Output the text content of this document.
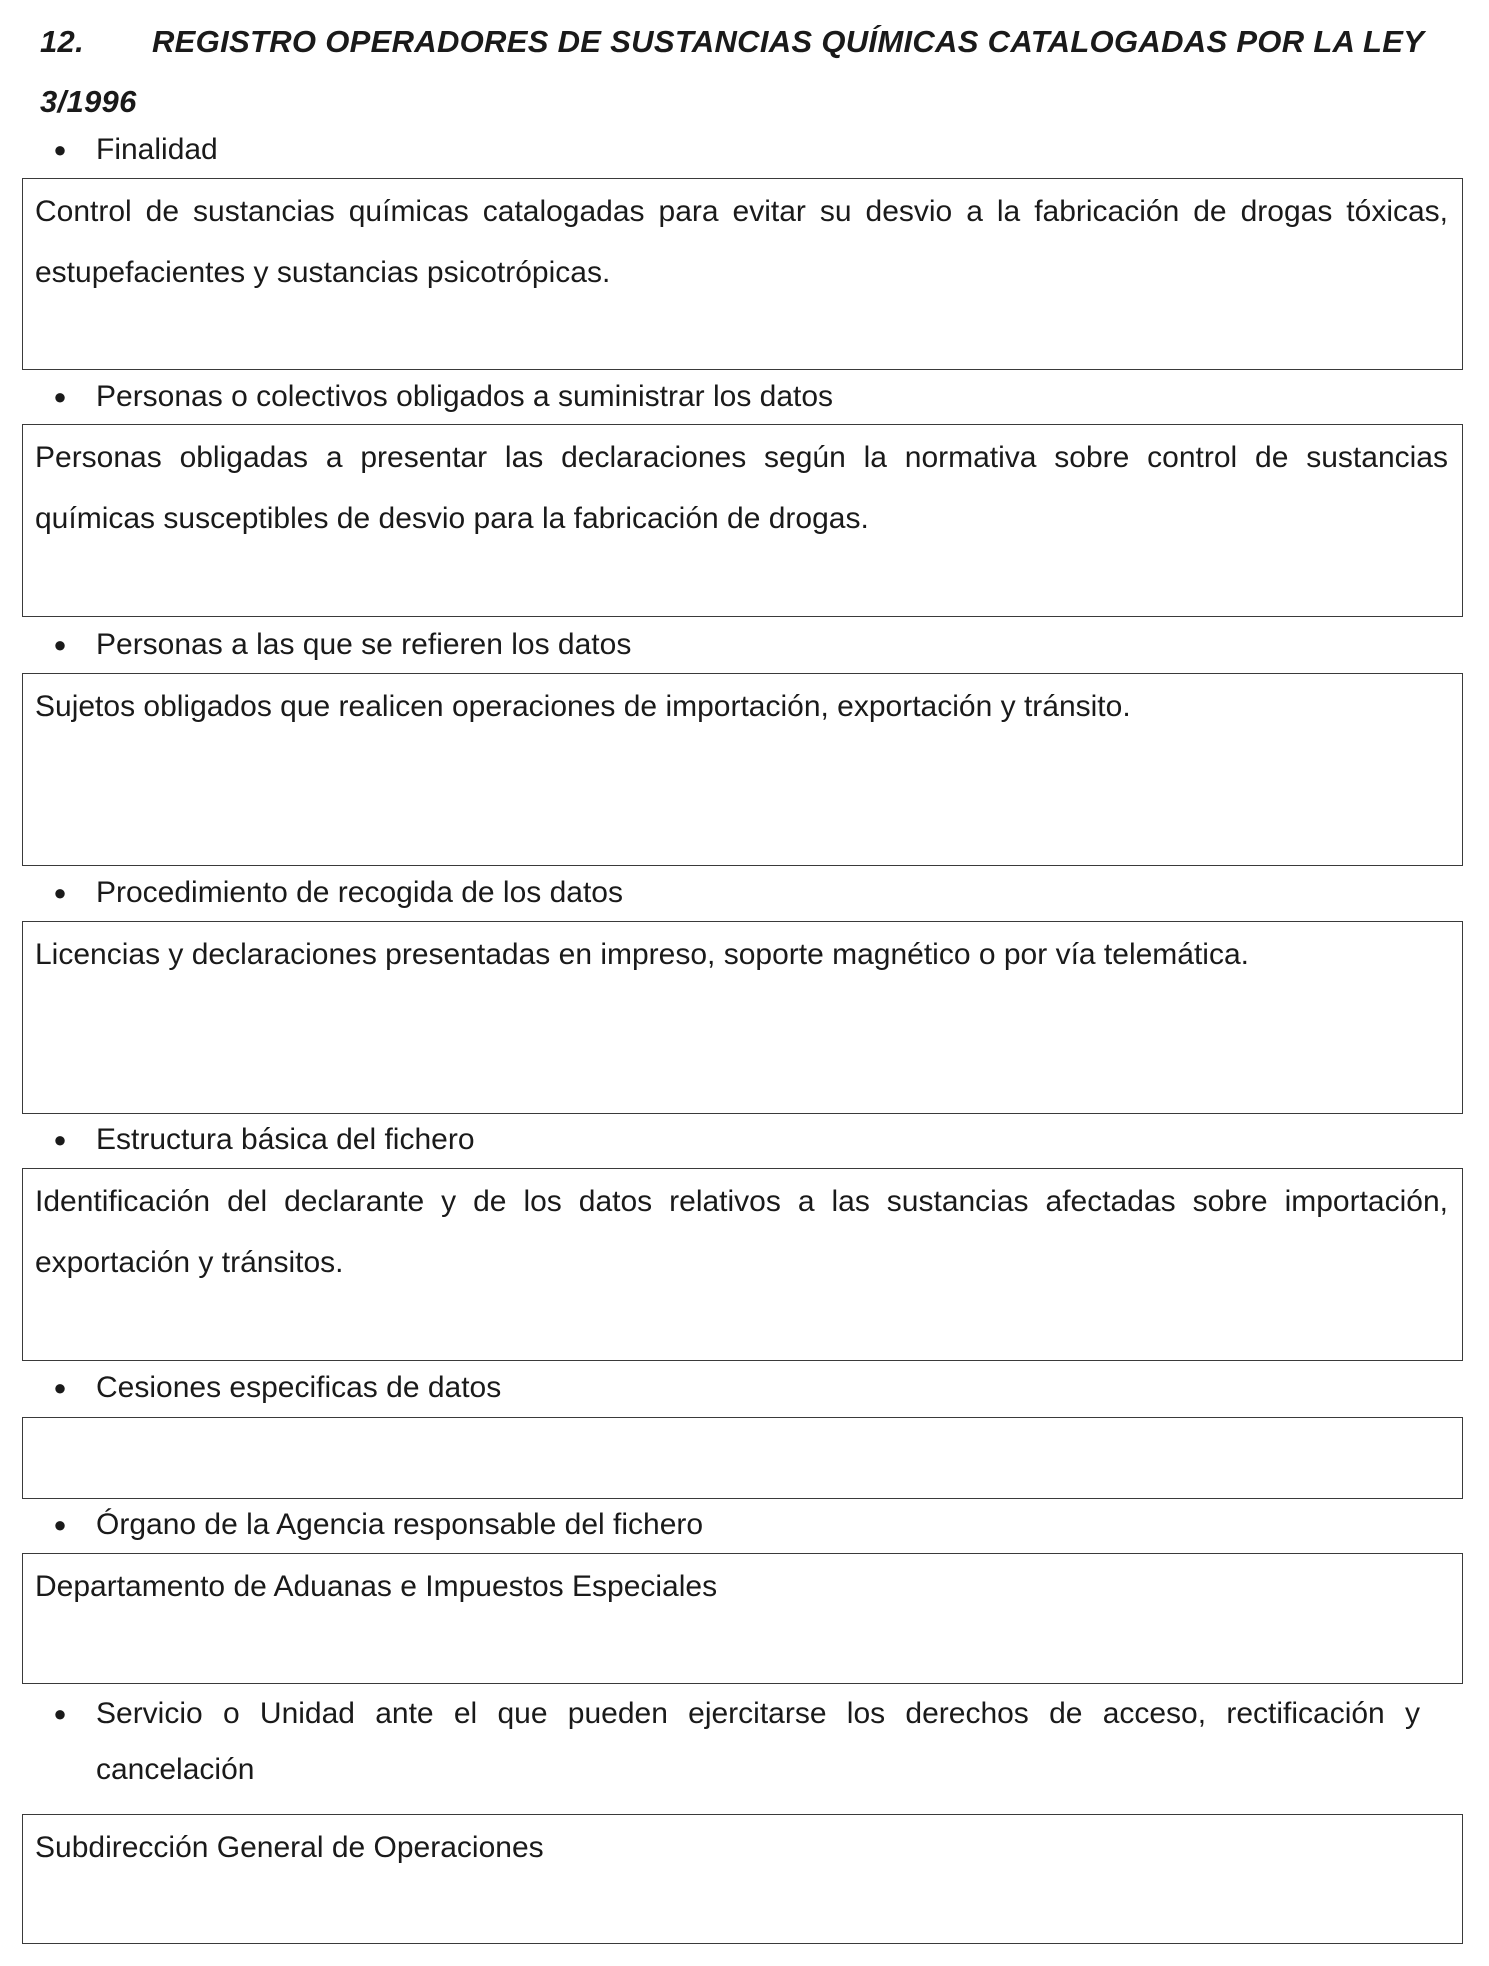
12. REGISTRO OPERADORES DE SUSTANCIAS QUÍMICAS CATALOGADAS POR LA LEY 3/1996
● Finalidad
Control de sustancias químicas catalogadas para evitar su desvio a la fabricación de drogas tóxicas, estupefacientes y sustancias psicotrópicas.
● Personas o colectivos obligados a suministrar los datos
Personas obligadas a presentar las declaraciones según la normativa sobre control de sustancias químicas susceptibles de desvio para la fabricación de drogas.
● Personas a las que se refieren los datos
Sujetos obligados que realicen operaciones de importación, exportación y tránsito.
● Procedimiento de recogida de los datos
Licencias y declaraciones presentadas en impreso, soporte magnético o por vía telemática.
● Estructura básica del fichero
Identificación del declarante y de los datos relativos a las sustancias afectadas sobre importación, exportación y tránsitos.
● Cesiones especificas de datos
● Órgano de la Agencia responsable del fichero
Departamento de Aduanas e Impuestos Especiales
● Servicio o Unidad ante el que pueden ejercitarse los derechos de acceso, rectificación y cancelación
Subdirección General de Operaciones
